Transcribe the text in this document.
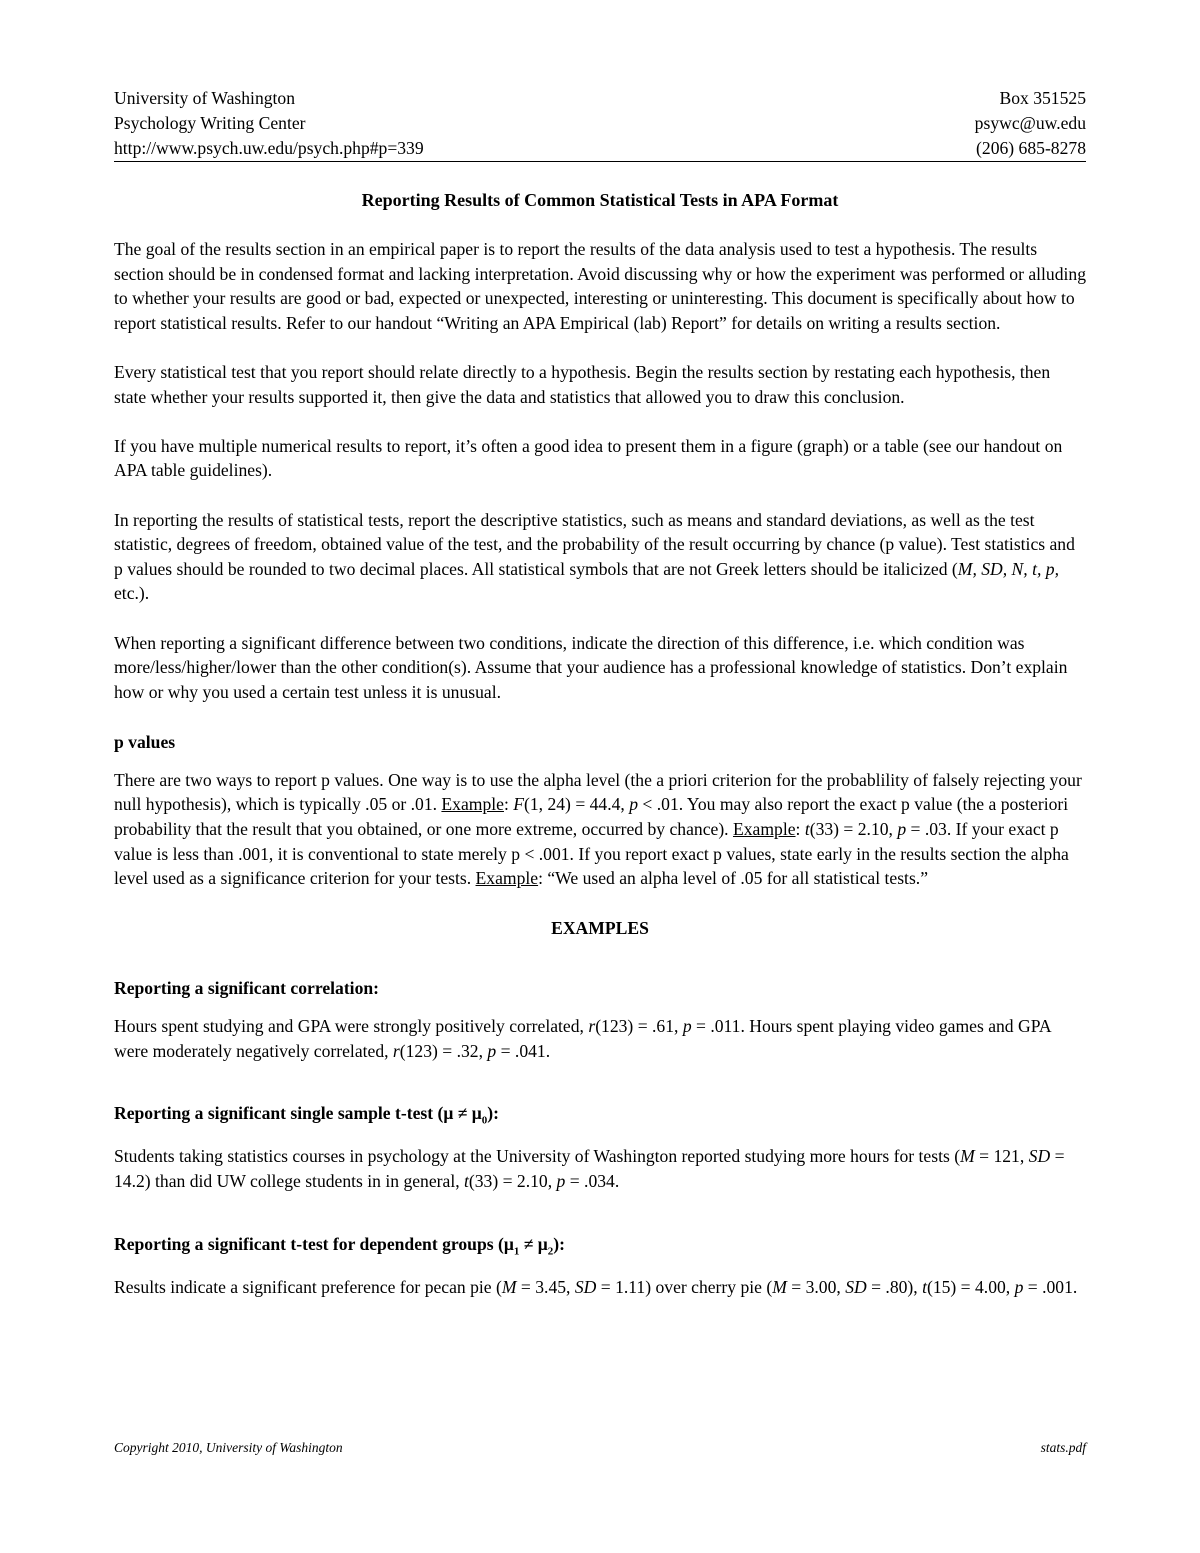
University of Washington	Box 351525
Psychology Writing Center	psywc@uw.edu
http://www.psych.uw.edu/psych.php#p=339	(206) 685-8278
Reporting Results of Common Statistical Tests in APA Format

The goal of the results section in an empirical paper is to report the results of the data analysis used to test a hypothesis. The results section should be in condensed format and lacking interpretation. Avoid discussing why or how the experiment was performed or alluding to whether your results are good or bad, expected or unexpected, interesting or uninteresting. This document is specifically about how to report statistical results. Refer to our handout “Writing an APA Empirical (lab) Report” for details on writing a results section.

Every statistical test that you report should relate directly to a hypothesis. Begin the results section by restating each hypothesis, then state whether your results supported it, then give the data and statistics that allowed you to draw this conclusion.

If you have multiple numerical results to report, it’s often a good idea to present them in a figure (graph) or a table (see our handout on APA table guidelines).

In reporting the results of statistical tests, report the descriptive statistics, such as means and standard deviations, as well as the test statistic, degrees of freedom, obtained value of the test, and the probability of the result occurring by chance (p value). Test statistics and p values should be rounded to two decimal places. All statistical symbols that are not Greek letters should be italicized (M, SD, N, t, p, etc.).

When reporting a significant difference between two conditions, indicate the direction of this difference, i.e. which condition was more/less/higher/lower than the other condition(s). Assume that your audience has a professional knowledge of statistics. Don’t explain how or why you used a certain test unless it is unusual.

p values

There are two ways to report p values. One way is to use the alpha level (the a priori criterion for the probablility of falsely rejecting your null hypothesis), which is typically .05 or .01. Example: F(1, 24) = 44.4, p < .01. You may also report the exact p value (the a posteriori probability that the result that you obtained, or one more extreme, occurred by chance). Example: t(33) = 2.10, p = .03. If your exact p value is less than .001, it is conventional to state merely p < .001. If you report exact p values, state early in the results section the alpha level used as a significance criterion for your tests. Example: “We used an alpha level of .05 for all statistical tests.”

EXAMPLES

Reporting a significant correlation:

Hours spent studying and GPA were strongly positively correlated, r(123) = .61, p = .011. Hours spent playing video games and GPA were moderately negatively correlated, r(123) = .32, p = .041.

Reporting a significant single sample t-test $(\mu \ne \mu_0)$:

Students taking statistics courses in psychology at the University of Washington reported studying more hours for tests (M = 121, SD = 14.2) than did UW college students in in general, t(33) = 2.10, p = .034.

Reporting a significant t-test for dependent groups $(\mu_1 \ne \mu_2)$:

Results indicate a significant preference for pecan pie (M = 3.45, SD = 1.11) over cherry pie (M = 3.00, SD = .80), t(15) = 4.00, p = .001.

Copyright 2010, University of Washington	stats.pdf
